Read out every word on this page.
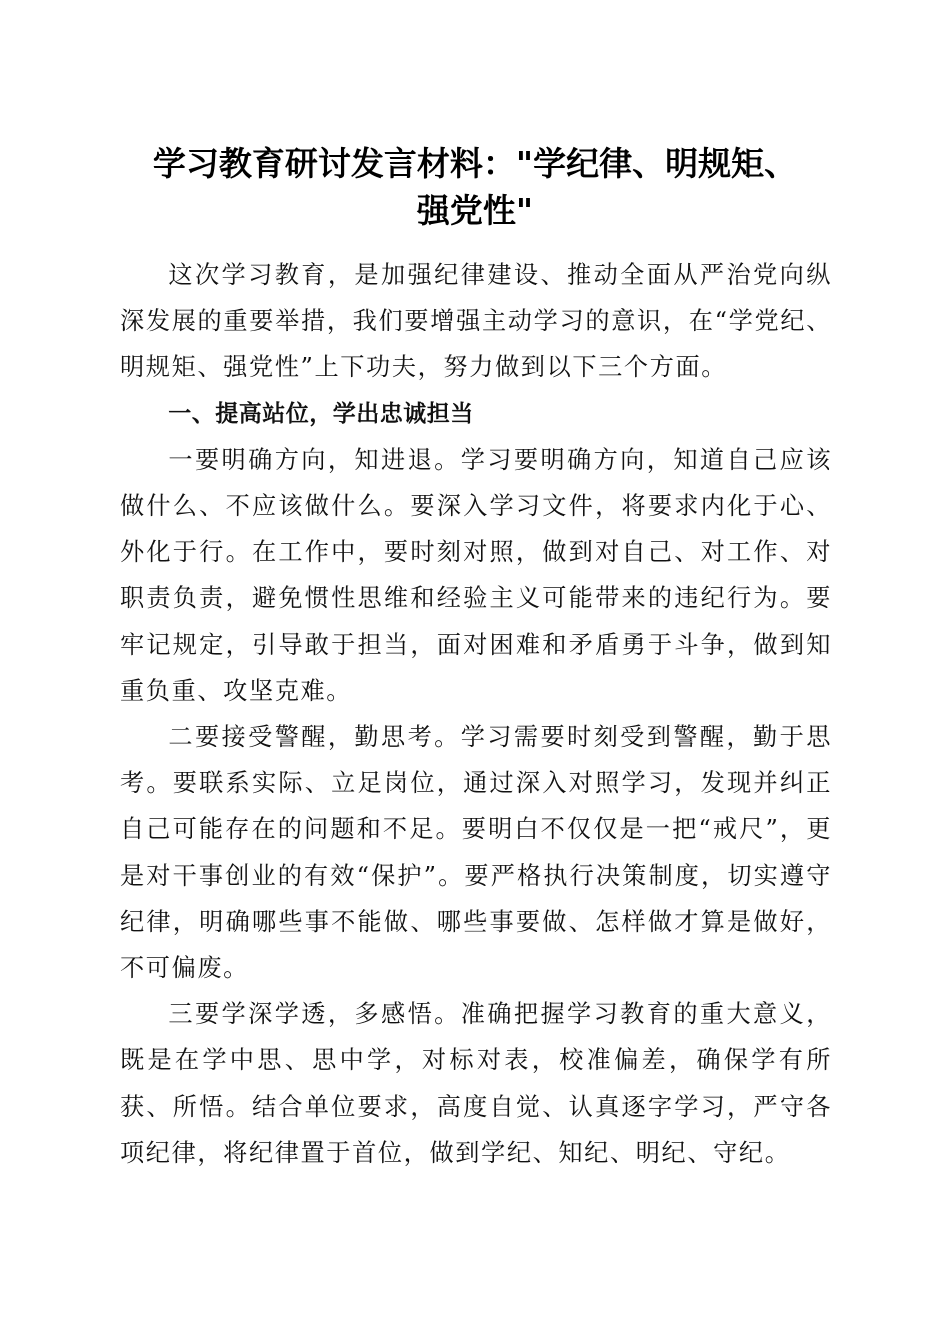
学习教育研讨发言材料："学纪律、明规矩、
强党性"

这次学习教育，是加强纪律建设、推动全面从严治党向纵深发展的重要举措，我们要增强主动学习的意识，在“学党纪、明规矩、强党性”上下功夫，努力做到以下三个方面。

一、提高站位，学出忠诚担当

一要明确方向，知进退。学习要明确方向，知道自己应该做什么、不应该做什么。要深入学习文件，将要求内化于心、外化于行。在工作中，要时刻对照，做到对自己、对工作、对职责负责，避免惯性思维和经验主义可能带来的违纪行为。要牢记规定，引导敢于担当，面对困难和矛盾勇于斗争，做到知重负重、攻坚克难。

二要接受警醒，勤思考。学习需要时刻受到警醒，勤于思考。要联系实际、立足岗位，通过深入对照学习，发现并纠正自己可能存在的问题和不足。要明白不仅仅是一把“戒尺”，更是对干事创业的有效“保护”。要严格执行决策制度，切实遵守纪律，明确哪些事不能做、哪些事要做、怎样做才算是做好，不可偏废。

三要学深学透，多感悟。准确把握学习教育的重大意义，既是在学中思、思中学，对标对表，校准偏差，确保学有所获、所悟。结合单位要求，高度自觉、认真逐字学习，严守各项纪律，将纪律置于首位，做到学纪、知纪、明纪、守纪。
